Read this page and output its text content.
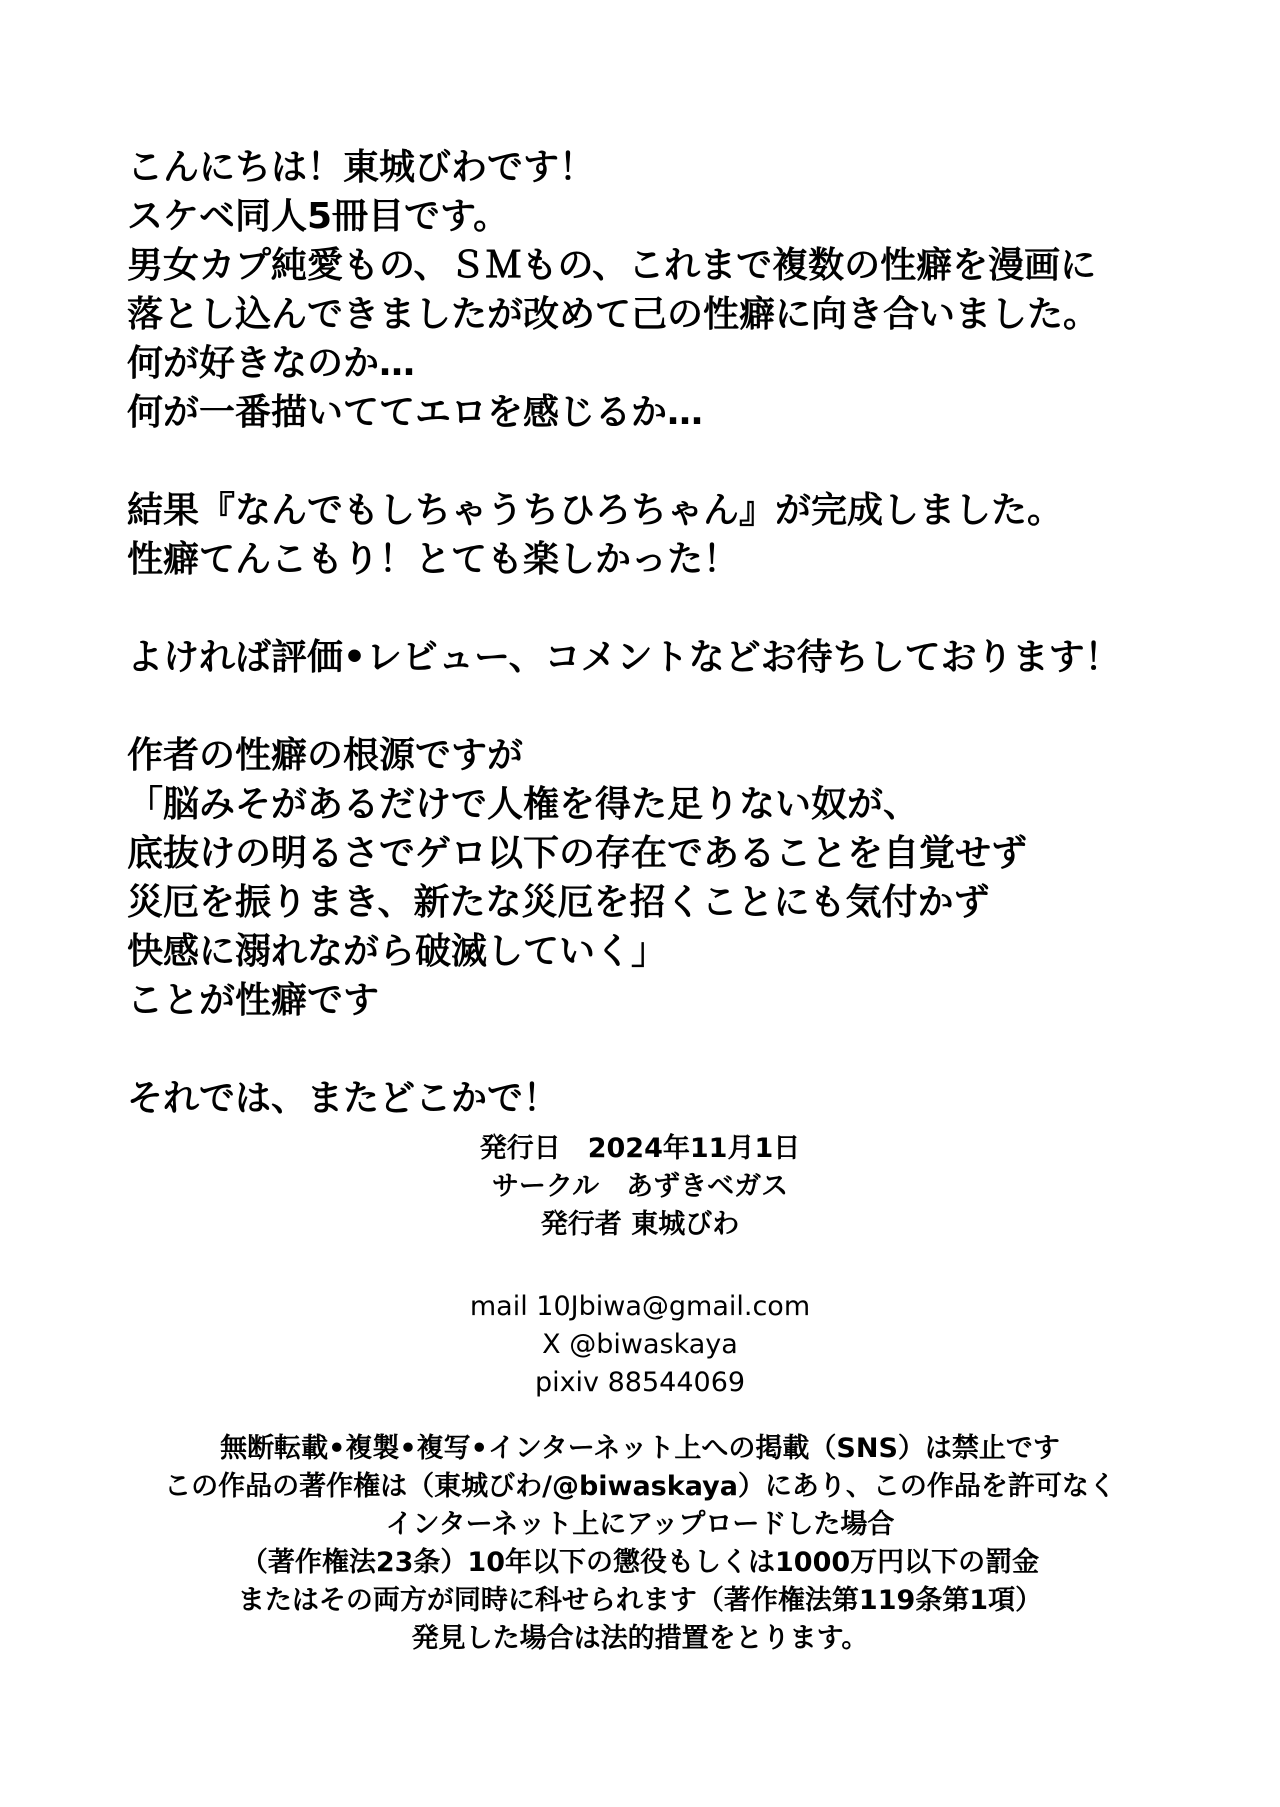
こんにちは！東城びわです！
スケベ同人5冊目です。
男女カプ純愛もの、ＳＭもの、これまで複数の性癖を漫画に
落とし込んできましたが改めて己の性癖に向き合いました。
何が好きなのか…
何が一番描いててエロを感じるか…
結果『なんでもしちゃうちひろちゃん』が完成しました。
性癖てんこもり！とても楽しかった！
よければ評価•レビュー、コメントなどお待ちしております！
作者の性癖の根源ですが
「脳みそがあるだけで人権を得た足りない奴が、
底抜けの明るさでゲロ以下の存在であることを自覚せず
災厄を振りまき、新たな災厄を招くことにも気付かず
快感に溺れながら破滅していく」
ことが性癖です
それでは、またどこかで！
発行日　2024年11月1日
サークル　あずきベガス
発行者 東城びわ
mail 10Jbiwa@gmail.com
X @biwaskaya
pixiv 88544069
無断転載•複製•複写•インターネット上への掲載（SNS）は禁止です
この作品の著作権は（東城びわ/@biwaskaya）にあり、この作品を許可なく
インターネット上にアップロードした場合
（著作権法23条）10年以下の懲役もしくは1000万円以下の罰金
またはその両方が同時に科せられます（著作権法第119条第1項）
発見した場合は法的措置をとります。
